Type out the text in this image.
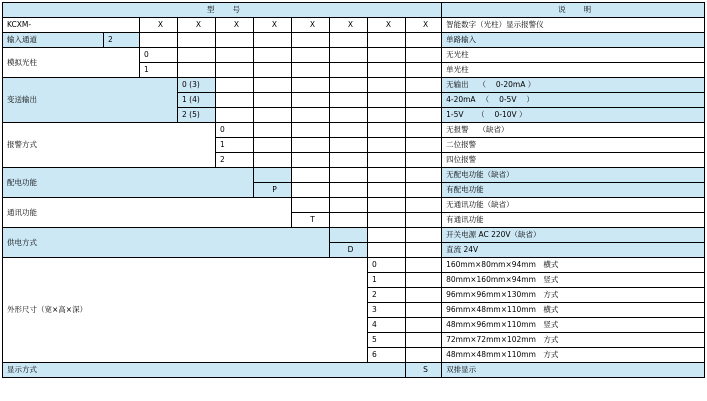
型　　号										说　　明
KCXM-		X	X	X	X	X	X	X	X	智能数字（光柱）显示报警仪
输入通道	2									单路输入
模拟光柱		0								无光柱
		1								单光柱
变送输出			0 (3)							无输出　 （ 　0-20mA ）
			1 (4)							4-20mA 　（ 　0-5V 　）
			2 (5)							1-5V 　　（ 　0-10V ）
报警方式				0						无报警　 （缺省）
				1						二位报警
				2						四位报警
配电功能										无配电功能（缺省）
					P					有配电功能
通讯功能										无通讯功能（缺省）
						T				有通讯功能
供电方式										开关电源 AC 220V（缺省）
							D			直流 24V
外形尺寸（宽×高×深）								0		160mm×80mm×94mm　横式
								1		80mm×160mm×94mm　竖式
								2		96mm×96mm×130mm　方式
								3		96mm×48mm×110mm　横式
								4		48mm×96mm×110mm　竖式
								5		72mm×72mm×102mm　方式
								6		48mm×48mm×110mm　方式
显示方式									S	双排显示
